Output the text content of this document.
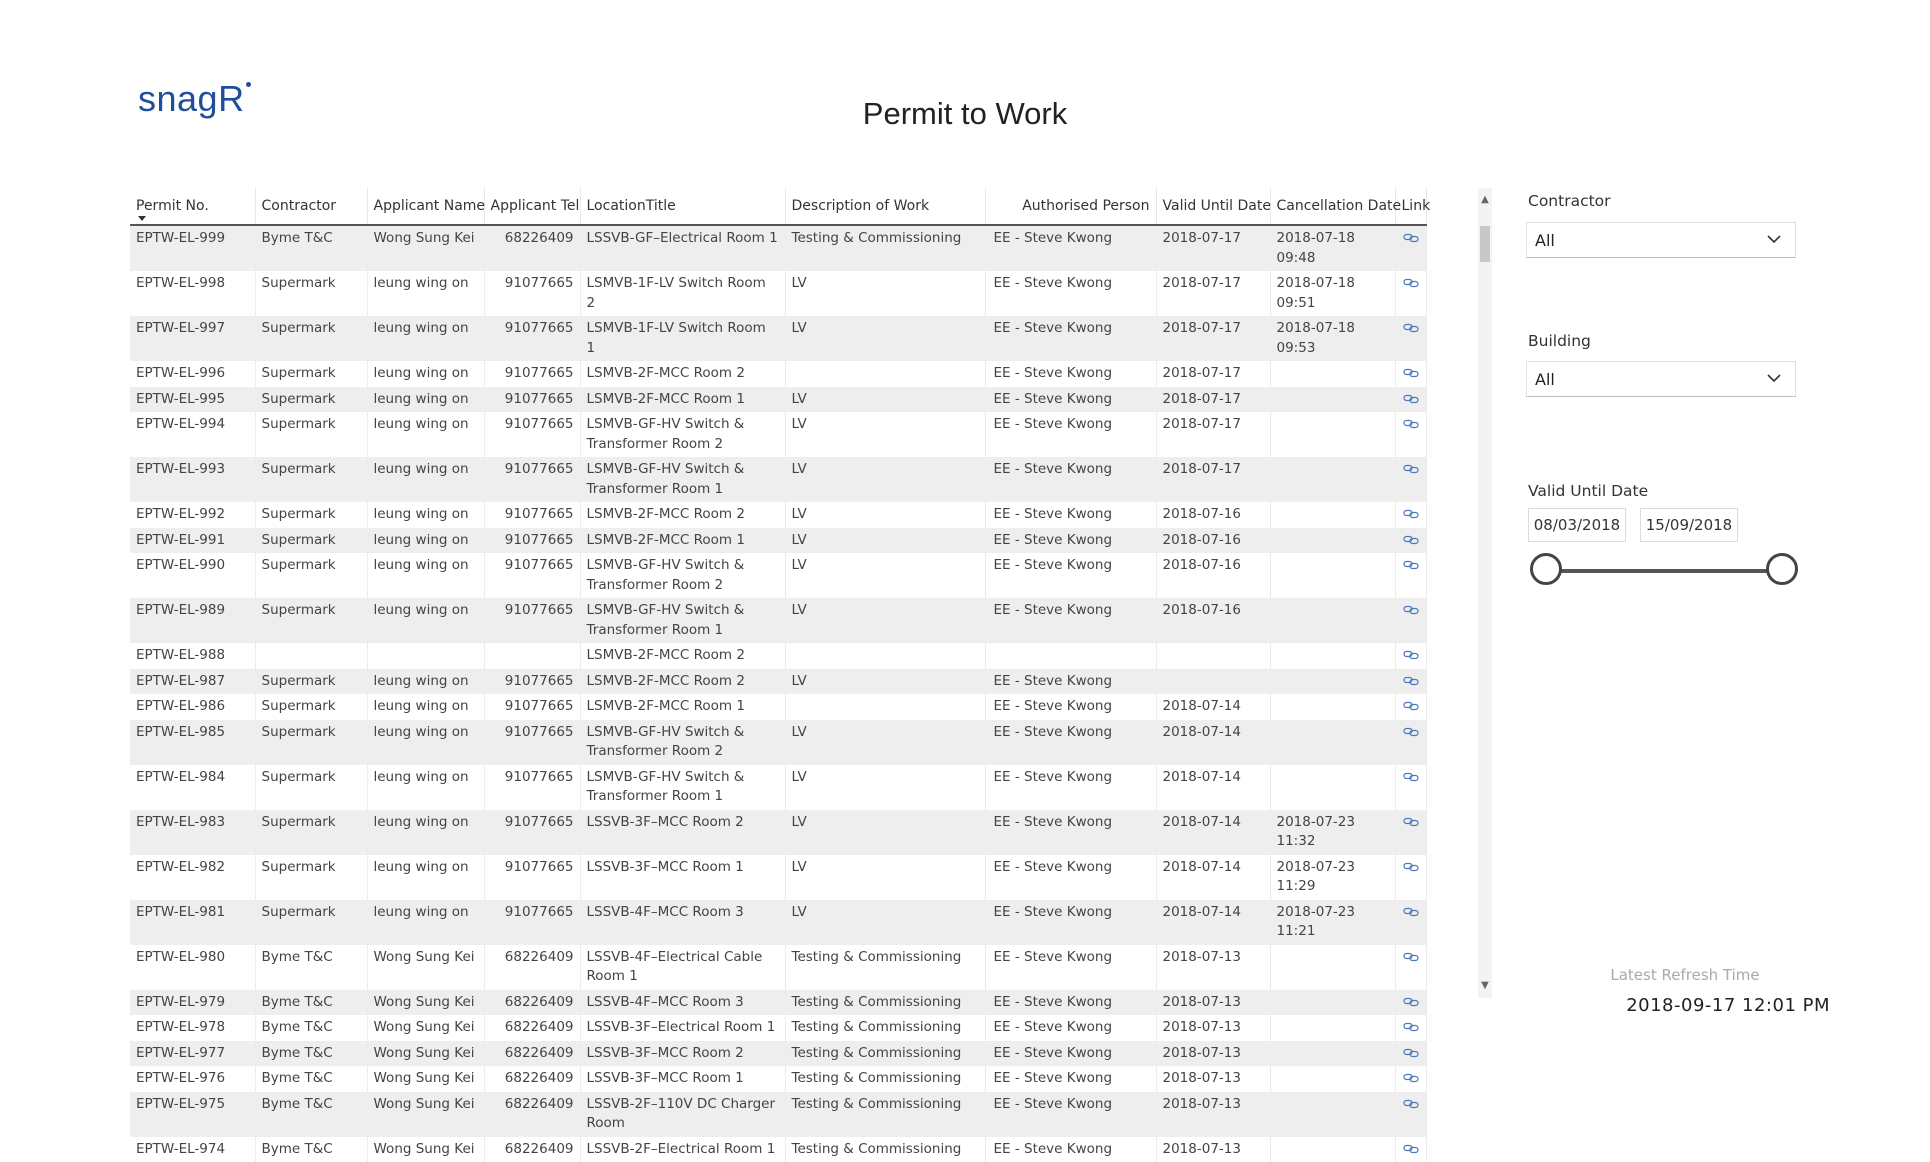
snagR	Permit to Work
Permit No.	Contractor	Applicant Name	Applicant Tel	LocationTitle	Description of Work	Authorised Person	Valid Until Date	Cancellation Date	Link
EPTW-EL-999	Byme T&C	Wong Sung Kei	68226409	LSSVB-GF–Electrical Room 1	Testing & Commissioning	EE - Steve Kwong	2018-07-17	2018-07-18 09:48	
EPTW-EL-998	Supermark	leung wing on	91077665	LSMVB-1F-LV Switch Room 2	LV	EE - Steve Kwong	2018-07-17	2018-07-18 09:51	
EPTW-EL-997	Supermark	leung wing on	91077665	LSMVB-1F-LV Switch Room 1	LV	EE - Steve Kwong	2018-07-17	2018-07-18 09:53	
EPTW-EL-996	Supermark	leung wing on	91077665	LSMVB-2F-MCC Room 2		EE - Steve Kwong	2018-07-17		
EPTW-EL-995	Supermark	leung wing on	91077665	LSMVB-2F-MCC Room 1	LV	EE - Steve Kwong	2018-07-17		
EPTW-EL-994	Supermark	leung wing on	91077665	LSMVB-GF-HV Switch & Transformer Room 2	LV	EE - Steve Kwong	2018-07-17		
EPTW-EL-993	Supermark	leung wing on	91077665	LSMVB-GF-HV Switch & Transformer Room 1	LV	EE - Steve Kwong	2018-07-17		
EPTW-EL-992	Supermark	leung wing on	91077665	LSMVB-2F-MCC Room 2	LV	EE - Steve Kwong	2018-07-16		
EPTW-EL-991	Supermark	leung wing on	91077665	LSMVB-2F-MCC Room 1	LV	EE - Steve Kwong	2018-07-16		
EPTW-EL-990	Supermark	leung wing on	91077665	LSMVB-GF-HV Switch & Transformer Room 2	LV	EE - Steve Kwong	2018-07-16		
EPTW-EL-989	Supermark	leung wing on	91077665	LSMVB-GF-HV Switch & Transformer Room 1	LV	EE - Steve Kwong	2018-07-16		
EPTW-EL-988				LSMVB-2F-MCC Room 2					
EPTW-EL-987	Supermark	leung wing on	91077665	LSMVB-2F-MCC Room 2	LV	EE - Steve Kwong			
EPTW-EL-986	Supermark	leung wing on	91077665	LSMVB-2F-MCC Room 1		EE - Steve Kwong	2018-07-14		
EPTW-EL-985	Supermark	leung wing on	91077665	LSMVB-GF-HV Switch & Transformer Room 2	LV	EE - Steve Kwong	2018-07-14		
EPTW-EL-984	Supermark	leung wing on	91077665	LSMVB-GF-HV Switch & Transformer Room 1	LV	EE - Steve Kwong	2018-07-14		
EPTW-EL-983	Supermark	leung wing on	91077665	LSSVB-3F–MCC Room 2	LV	EE - Steve Kwong	2018-07-14	2018-07-23 11:32	
EPTW-EL-982	Supermark	leung wing on	91077665	LSSVB-3F–MCC Room 1	LV	EE - Steve Kwong	2018-07-14	2018-07-23 11:29	
EPTW-EL-981	Supermark	leung wing on	91077665	LSSVB-4F–MCC Room 3	LV	EE - Steve Kwong	2018-07-14	2018-07-23 11:21	
EPTW-EL-980	Byme T&C	Wong Sung Kei	68226409	LSSVB-4F–Electrical Cable Room 1	Testing & Commissioning	EE - Steve Kwong	2018-07-13		
EPTW-EL-979	Byme T&C	Wong Sung Kei	68226409	LSSVB-4F–MCC Room 3	Testing & Commissioning	EE - Steve Kwong	2018-07-13		
EPTW-EL-978	Byme T&C	Wong Sung Kei	68226409	LSSVB-3F–Electrical Room 1	Testing & Commissioning	EE - Steve Kwong	2018-07-13		
EPTW-EL-977	Byme T&C	Wong Sung Kei	68226409	LSSVB-3F–MCC Room 2	Testing & Commissioning	EE - Steve Kwong	2018-07-13		
EPTW-EL-976	Byme T&C	Wong Sung Kei	68226409	LSSVB-3F–MCC Room 1	Testing & Commissioning	EE - Steve Kwong	2018-07-13		
EPTW-EL-975	Byme T&C	Wong Sung Kei	68226409	LSSVB-2F–110V DC Charger Room	Testing & Commissioning	EE - Steve Kwong	2018-07-13		
EPTW-EL-974	Byme T&C	Wong Sung Kei	68226409	LSSVB-2F–Electrical Room 1	Testing & Commissioning	EE - Steve Kwong	2018-07-13		
▲
▼
Contractor
All
Building
All
Valid Until Date
08/03/2018	15/09/2018
Latest Refresh Time
2018-09-17 12:01 PM
